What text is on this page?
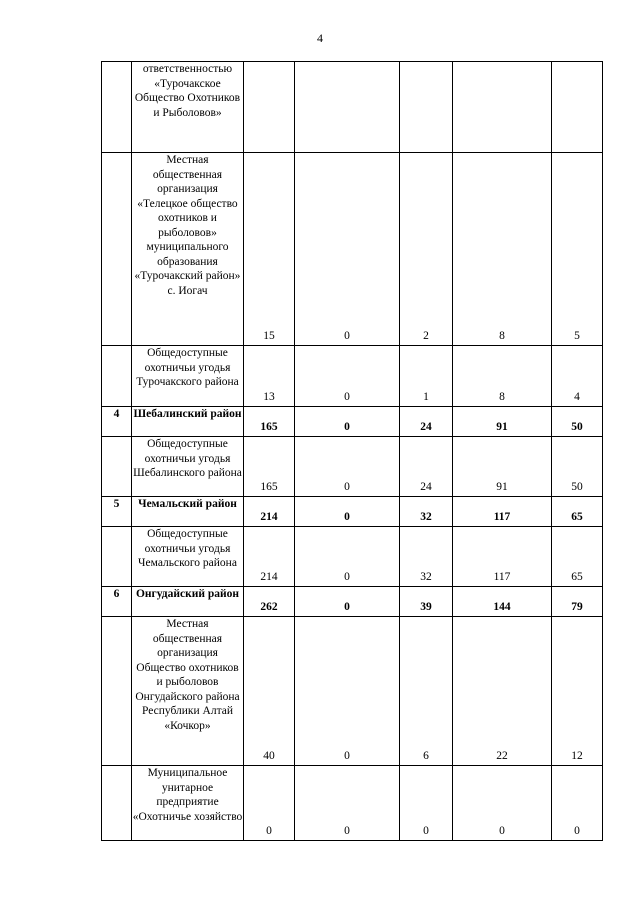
4
	ответственностью «Турочакское Общество Охотников и Рыболовов»					
	Местная общественная организация «Телецкое общество охотников и рыболовов» муниципального образования «Турочакский район» с. Иогач	15	0	2	8	5
	Общедоступные охотничьи угодья Турочакского района	13	0	1	8	4
4	Шебалинский район	165	0	24	91	50
	Общедоступные охотничьи угодья Шебалинского района	165	0	24	91	50
5	Чемальский район	214	0	32	117	65
	Общедоступные охотничьи угодья Чемальского района	214	0	32	117	65
6	Онгудайский район	262	0	39	144	79
	Местная общественная организация Общество охотников и рыболовов Онгудайского района Республики Алтай «Кочкор»	40	0	6	22	12
	Муниципальное унитарное предприятие «Охотничье хозяйство	0	0	0	0	0
